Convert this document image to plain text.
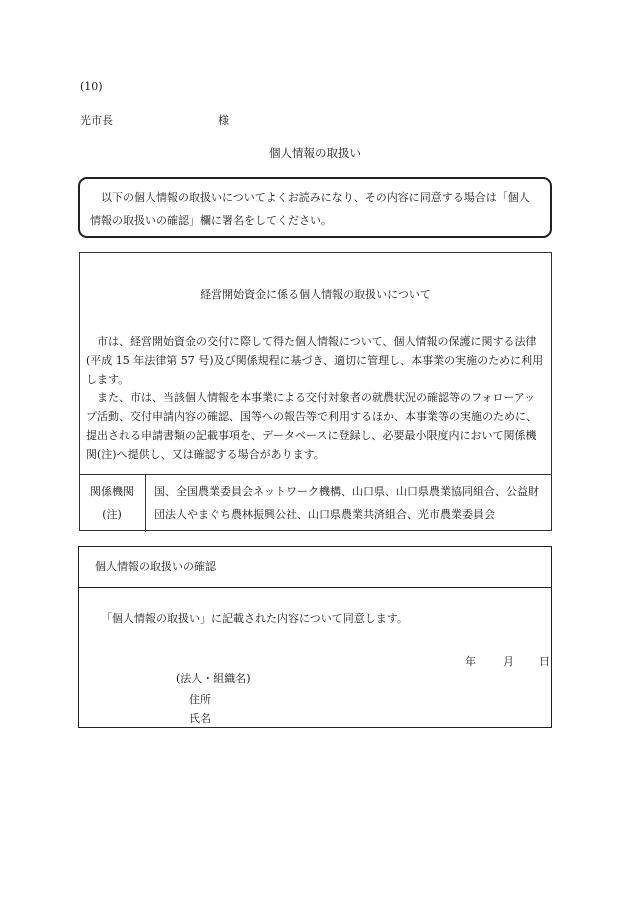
(10)
光市長	様
個人情報の取扱い

以下の個人情報の取扱いについてよくお読みになり、その内容に同意する場合は「個人情報の取扱いの確認」欄に署名をしてください。

経営開始資金に係る個人情報の取扱いについて

市は、経営開始資金の交付に際して得た個人情報について、個人情報の保護に関する法律(平成 15 年法律第 57 号)及び関係規程に基づき、適切に管理し、本事業の実施のために利用します。

また、市は、当該個人情報を本事業による交付対象者の就農状況の確認等のフォローアップ活動、交付申請内容の確認、国等への報告等で利用するほか、本事業等の実施のために、提出される申請書類の記載事項を、データベースに登録し、必要最小限度内において関係機関(注)へ提供し、又は確認する場合があります。

関係機関
(注)

国、全国農業委員会ネットワーク機構、山口県、山口県農業協同組合、公益財団法人やまぐち農林振興公社、山口県農業共済組合、光市農業委員会

個人情報の取扱いの確認
「個人情報の取扱い」に記載された内容について同意します。
年 月 日
(法人・組織名)
住所
氏名
